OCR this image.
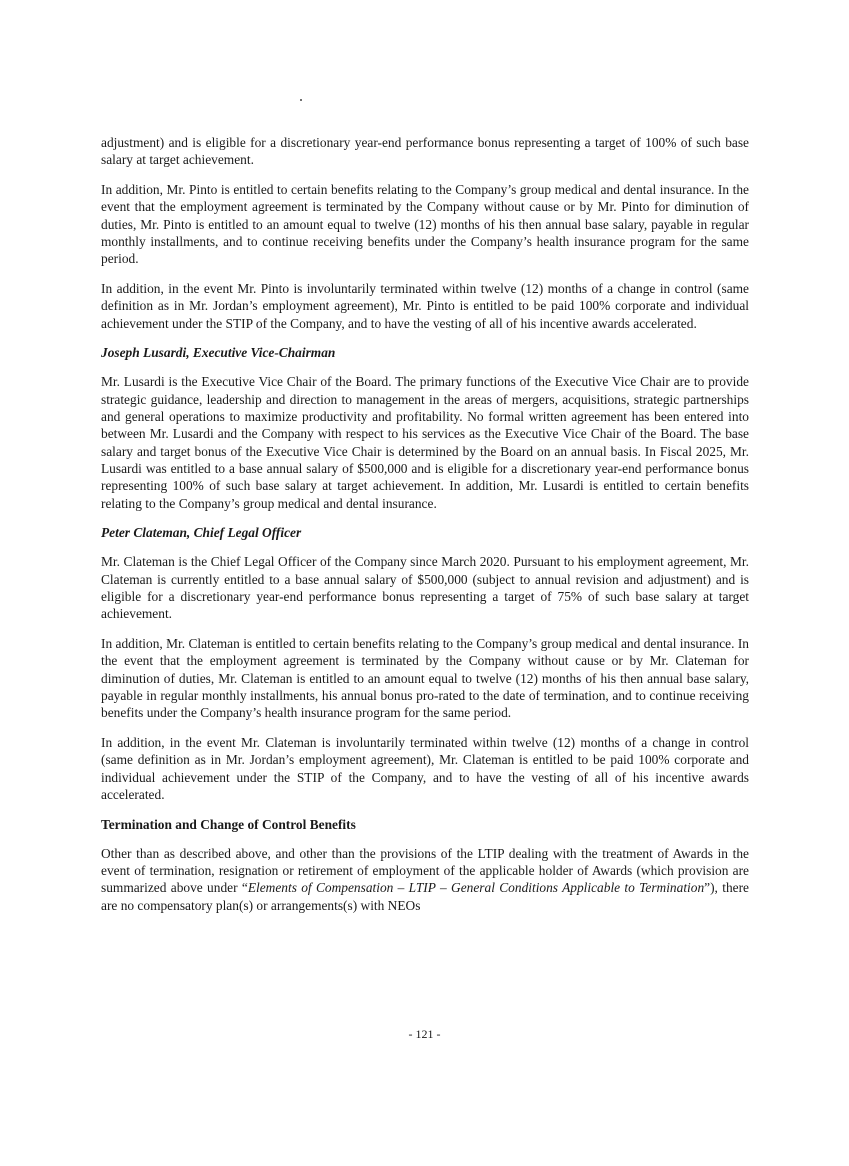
adjustment) and is eligible for a discretionary year-end performance bonus representing a target of 100% of such base salary at target achievement.

In addition, Mr. Pinto is entitled to certain benefits relating to the Company’s group medical and dental insurance. In the event that the employment agreement is terminated by the Company without cause or by Mr. Pinto for diminution of duties, Mr. Pinto is entitled to an amount equal to twelve (12) months of his then annual base salary, payable in regular monthly installments, and to continue receiving benefits under the Company’s health insurance program for the same period.

In addition, in the event Mr. Pinto is involuntarily terminated within twelve (12) months of a change in control (same definition as in Mr. Jordan’s employment agreement), Mr. Pinto is entitled to be paid 100% corporate and individual achievement under the STIP of the Company, and to have the vesting of all of his incentive awards accelerated.

Joseph Lusardi, Executive Vice-Chairman

Mr. Lusardi is the Executive Vice Chair of the Board. The primary functions of the Executive Vice Chair are to provide strategic guidance, leadership and direction to management in the areas of mergers, acquisitions, strategic partnerships and general operations to maximize productivity and profitability. No formal written agreement has been entered into between Mr. Lusardi and the Company with respect to his services as the Executive Vice Chair of the Board. The base salary and target bonus of the Executive Vice Chair is determined by the Board on an annual basis. In Fiscal 2025, Mr. Lusardi was entitled to a base annual salary of $500,000 and is eligible for a discretionary year-end performance bonus representing 100% of such base salary at target achievement. In addition, Mr. Lusardi is entitled to certain benefits relating to the Company’s group medical and dental insurance.

Peter Clateman, Chief Legal Officer

Mr. Clateman is the Chief Legal Officer of the Company since March 2020. Pursuant to his employment agreement, Mr. Clateman is currently entitled to a base annual salary of $500,000 (subject to annual revision and adjustment) and is eligible for a discretionary year-end performance bonus representing a target of 75% of such base salary at target achievement.

In addition, Mr. Clateman is entitled to certain benefits relating to the Company’s group medical and dental insurance. In the event that the employment agreement is terminated by the Company without cause or by Mr. Clateman for diminution of duties, Mr. Clateman is entitled to an amount equal to twelve (12) months of his then annual base salary, payable in regular monthly installments, his annual bonus pro-rated to the date of termination, and to continue receiving benefits under the Company’s health insurance program for the same period.

In addition, in the event Mr. Clateman is involuntarily terminated within twelve (12) months of a change in control (same definition as in Mr. Jordan’s employment agreement), Mr. Clateman is entitled to be paid 100% corporate and individual achievement under the STIP of the Company, and to have the vesting of all of his incentive awards accelerated.

Termination and Change of Control Benefits

Other than as described above, and other than the provisions of the LTIP dealing with the treatment of Awards in the event of termination, resignation or retirement of employment of the applicable holder of Awards (which provision are summarized above under “Elements of Compensation – LTIP – General Conditions Applicable to Termination”), there are no compensatory plan(s) or arrangements(s) with NEOs

- 121 -
